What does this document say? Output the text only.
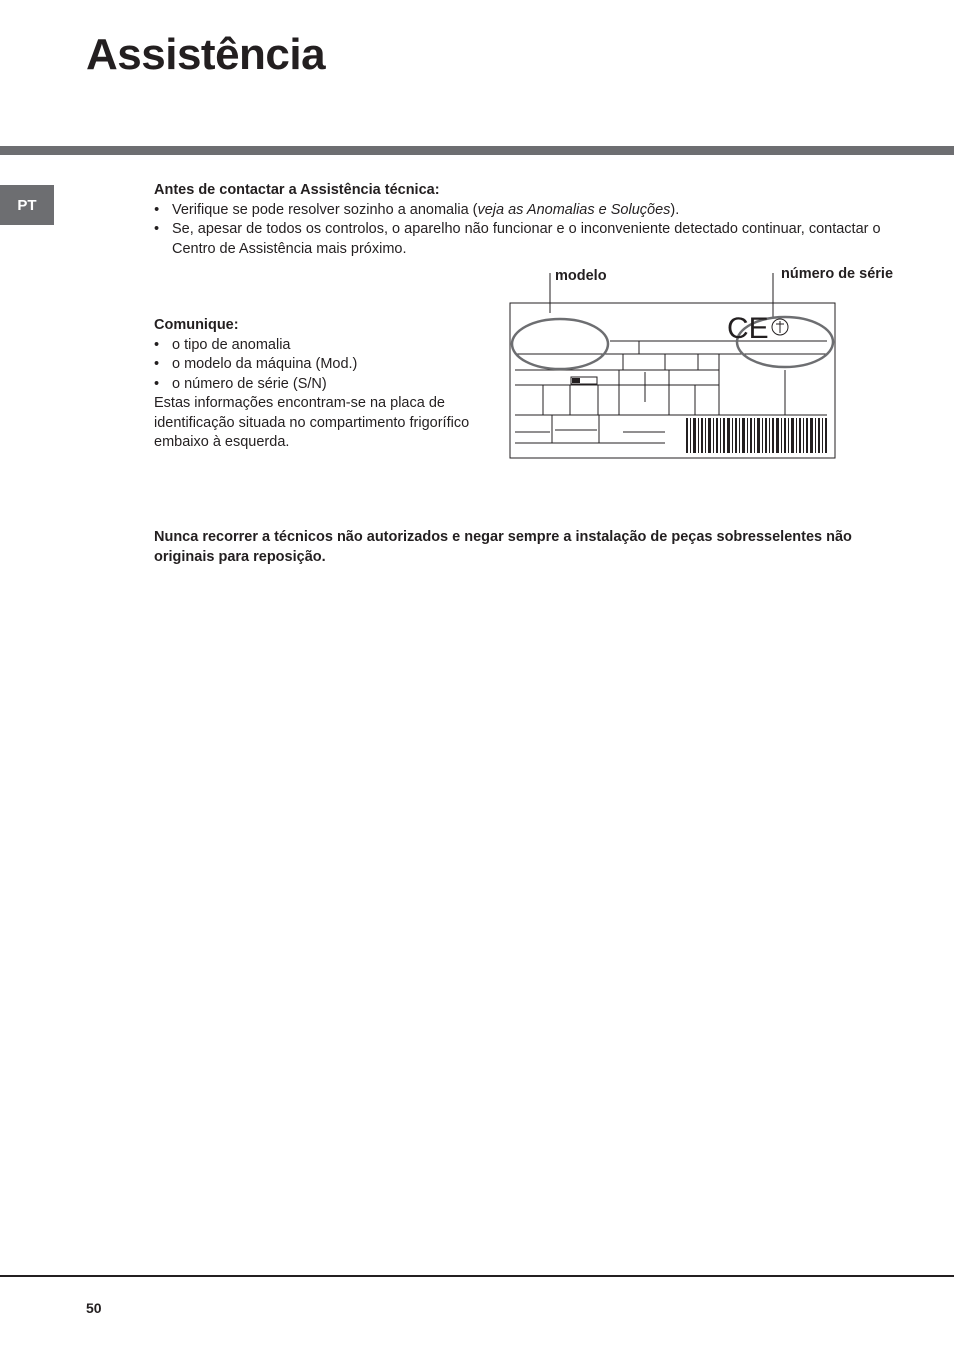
Assistência
PT
Antes de contactar a Assistência técnica:
• Verifique se pode resolver sozinho a anomalia (veja as Anomalias e Soluções).
• Se, apesar de todos os controlos, o aparelho não funcionar e o inconveniente detectado continuar, contactar o Centro de Assistência mais próximo.
Comunique:
• o tipo de anomalia
• o modelo da máquina (Mod.)
• o número de série (S/N)
Estas informações encontram-se na placa de identificação situada no compartimento frigorífico embaixo à esquerda.
modelo	número de série
CE
Nunca recorrer a técnicos não autorizados e negar sempre a instalação de peças sobresselentes não originais para reposição.
50
